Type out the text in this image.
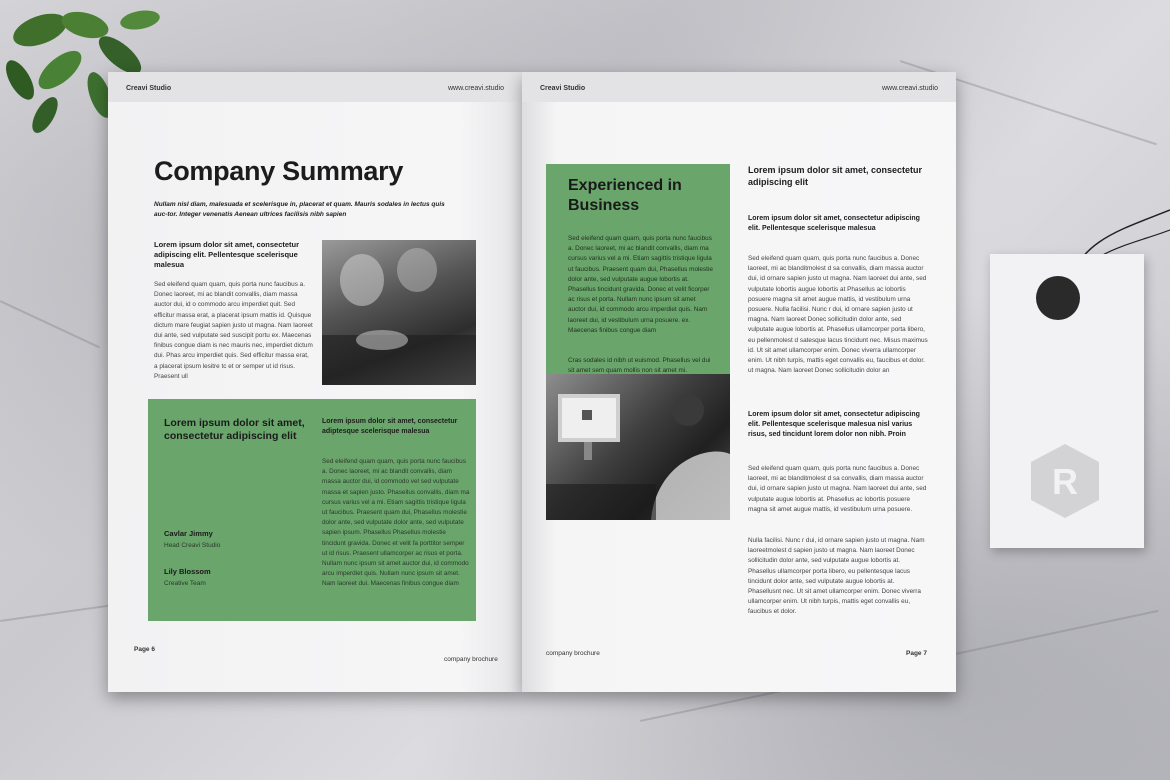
Creavi Studio	www.creavi.studio
Company Summary
Nullam nisl diam, malesuada et scelerisque in, placerat et quam. Mauris sodales in lectus quis auc-tor. Integer venenatis Aenean ultrices facilisis nibh sapien
Lorem ipsum dolor sit amet, consectetur adipiscing elit. Pellentesque scelerisque malesua
Sed eleifend quam quam, quis porta nunc faucibus a. Donec laoreet, mi ac blandit convallis, diam massa auctor dui, id o commodo arcu imperdiet quit. Sed efficitur massa erat, a placerat ipsum mattis id. Quisque dictum mare feugiat sapien justo ut magna. Nam laoreet dui ante, sed vulputate sed suscipit portu ex. Maecenas finibus congue diam is nec mauris nec, imperdiet dictum dui. Phas arcu imperdiet quis. Sed efficitur massa erat, a placerat ipsum lesitre tc et or semper ut id risus. Praesent ull
Lorem ipsum dolor sit amet, consectetur adipiscing elit
Lorem ipsum dolor sit amet, consectetur adiptesque scelerisque malesua
Sed eleifend quam quam, quis porta nunc faucibus a. Donec laoreet, mi ac blandit convallis, diam massa auctor dui, id commodo vel sed vulputate massa et sapien justo. Phasellus convallis, diam ma cursus varius vel a mi. Etiam sagittis tristique ligula ut faucibus. Praesent quam dui, Phasellus molestie dolor ante, sed vulputate dolor ante, sed vulputate sapien ipsum. Phasellus Phasellus molestie tincidunt gravida. Donec et velit fa porttitor semper ut id risus. Praesent ullamcorper ac risus et porta. Nullam nunc ipsum sit amet auctor dui, id commodo arcu imperdiet quis. Nullam nunc ipsum sit amet. Nam laoreet dui. Maecenas finibus congue diam
Cavlar Jimmy
Head Creavi Studio
Lily Blossom
Creative Team
Page 6
company brochure
Creavi Studio	www.creavi.studio
Experienced in Business
Sed eleifend quam quam, quis porta nunc faucibus a. Donec laoreet, mi ac blandit convallis, diam ma cursus varius vel a mi. Etiam sagittis tristique ligula ut faucibus. Praesent quam dui, Phasellus molestie dolor ante, sed vulputate augue lobortis at. Phasellus tincidunt gravida. Donec et velit ficorper ac risus et porta. Nullam nunc ipsum sit amet auctor dui, id commodo arcu imperdiet quis. Nam laoreet dui, id vestibulum urna posuere. ex. Maecenas finibus congue diam
Cras sodales id nibh ut euismod. Phasellus vel dui sit amet sem quam mollis non sit amet mi.
Lorem ipsum dolor sit amet, consectetur adipiscing elit
Lorem ipsum dolor sit amet, consectetur adipiscing elit. Pellentesque scelerisque malesua
Sed eleifend quam quam, quis porta nunc faucibus a. Donec laoreet, mi ac blanditmolest d sa convallis, diam massa auctor dui, id ornare sapien justo ut magna. Nam laoreet dui ante, sed vulputate lobortis augue lobortis at Phasellus ac lobortis posuere magna sit amet augue mattis, id vestibulum urna posuere. Nulla facilisi. Nunc r dui, id ornare sapien justo ut magna. Nam laoreet Donec sollicitudin dolor ante, sed vulputate augue lobortis at. Phasellus ullamcorper porta libero, eu pellenmolest d satesque lacus tincidunt nec. Misus maximus id. Ut sit amet ullamcorper enim. Donec viverra ullamcorper enim. Ut nibh turpis, mattis eget convallis eu, faucibus et dolor. ut magna. Nam laoreet Donec sollicitudin dolor an
Lorem ipsum dolor sit amet, consectetur adipiscing elit. Pellentesque scelerisque malesua nisl varius risus, sed tincidunt lorem dolor non nibh. Proin
Sed eleifend quam quam, quis porta nunc faucibus a. Donec laoreet, mi ac blanditmolest d sa convallis, diam massa auctor dui, id ornare sapien justo ut magna. Nam laoreet dui ante, sed vulputate augue lobortis at. Phasellus ac lobortis posuere magna sit amet augue mattis, id vestibulum urna posuere.
Nulla facilisi. Nunc r dui, id ornare sapien justo ut magna. Nam laoreetmolest d sapien justo ut magna. Nam laoreet Donec sollicitudin dolor ante, sed vulputate augue lobortis at. Phasellus ullamcorper porta libero, eu pellentesque lacus tincidunt dolor ante, sed vulputate augue lobortis at. Phasellusnt nec. Ut sit amet ullamcorper enim. Donec viverra ullamcorper enim. Ut nibh turpis, mattis eget convallis eu, faucibus et dolor.
company brochure	Page 7
R
